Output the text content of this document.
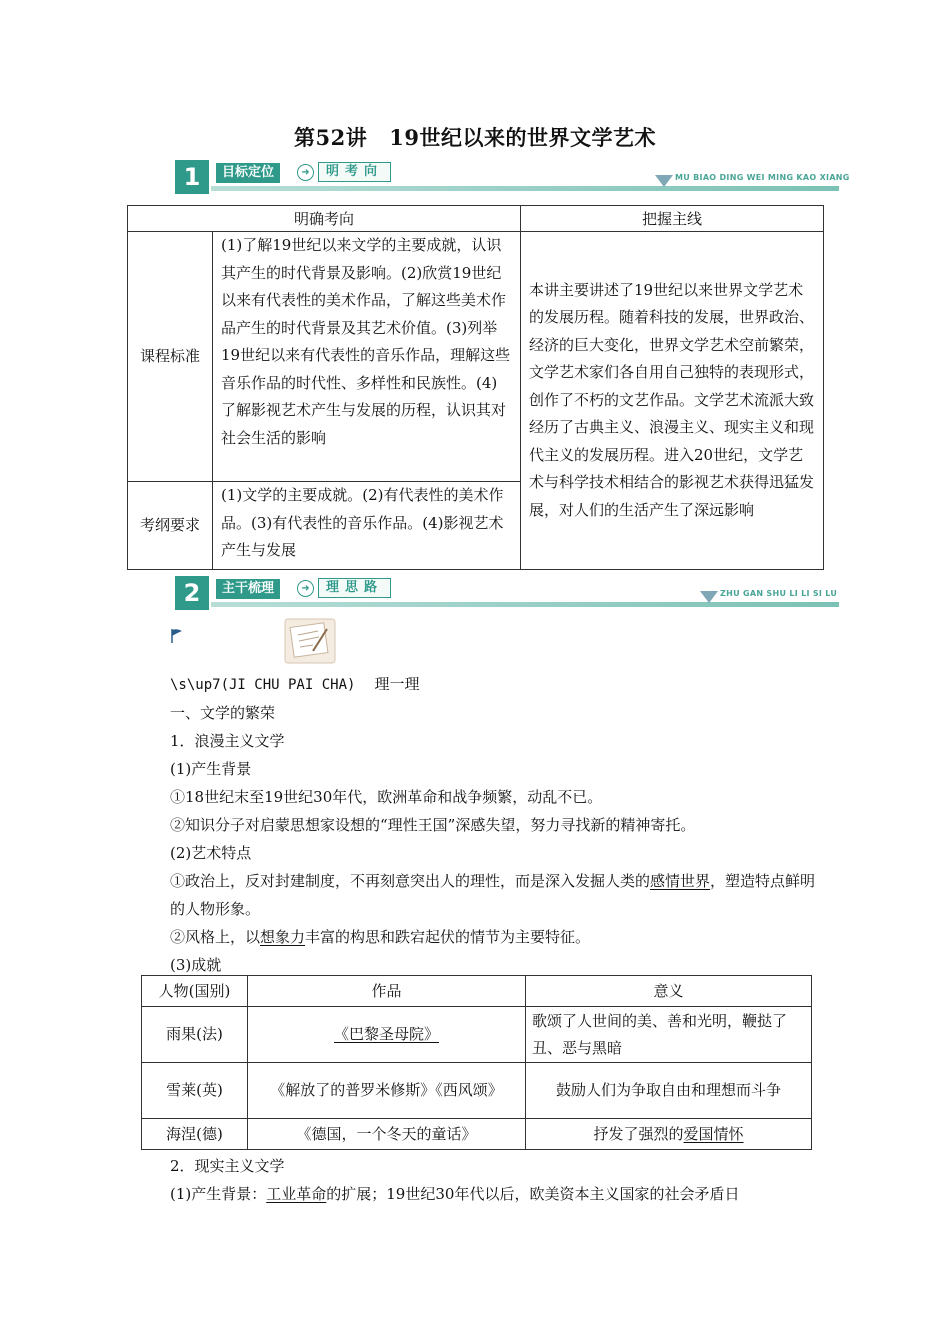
第52讲 19世纪以来的世界文学艺术
1	目标定位	➜	明考向	MU BIAO DING WEI MING KAO XIANG
明确考向		把握主线
课程标准	(1)了解19世纪以来文学的主要成就，认识其产生的时代背景及影响。(2)欣赏19世纪以来有代表性的美术作品，了解这些美术作品产生的时代背景及其艺术价值。(3)列举19世纪以来有代表性的音乐作品，理解这些音乐作品的时代性、多样性和民族性。(4)了解影视艺术产生与发展的历程，认识其对社会生活的影响	本讲主要讲述了19世纪以来世界文学艺术的发展历程。随着科技的发展，世界政治、经济的巨大变化，世界文学艺术空前繁荣，文学艺术家们各自用自己独特的表现形式，创作了不朽的文艺作品。文学艺术流派大致经历了古典主义、浪漫主义、现实主义和现代主义的发展历程。进入20世纪，文学艺术与科学技术相结合的影视艺术获得迅猛发展，对人们的生活产生了深远影响
考纲要求	(1)文学的主要成就。(2)有代表性的美术作品。(3)有代表性的音乐作品。(4)影视艺术产生与发展	
2	主干梳理	➜	理思路	ZHU GAN SHU LI LI SI LU

\s\up7(JI CHU PAI CHA) 理一理

一、文学的繁荣

1．浪漫主义文学

(1)产生背景

①18世纪末至19世纪30年代，欧洲革命和战争频繁，动乱不已。

②知识分子对启蒙思想家设想的“理性王国”深感失望，努力寻找新的精神寄托。

(2)艺术特点

①政治上，反对封建制度，不再刻意突出人的理性，而是深入发掘人类的感情世界，塑造特点鲜明的人物形象。

②风格上，以想象力丰富的构思和跌宕起伏的情节为主要特征。

(3)成就

人物(国别)	作品	意义
雨果(法)	《巴黎圣母院》	歌颂了人世间的美、善和光明，鞭挞了丑、恶与黑暗
雪莱(英)	《解放了的普罗米修斯》《西风颂》	鼓励人们为争取自由和理想而斗争
海涅(德)	《德国，一个冬天的童话》	抒发了强烈的爱国情怀

2．现实主义文学

(1)产生背景：工业革命的扩展；19世纪30年代以后，欧美资本主义国家的社会矛盾日
